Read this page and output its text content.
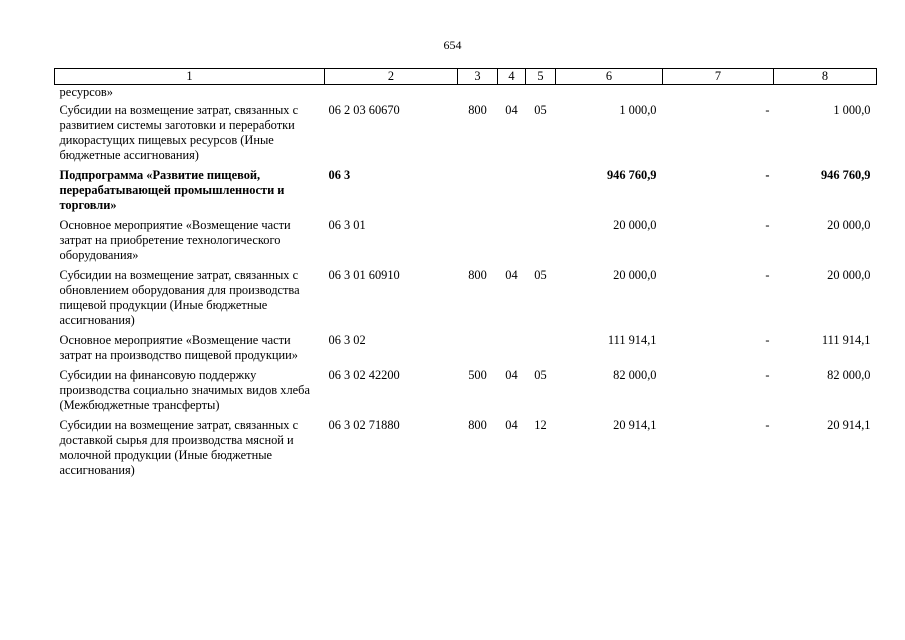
654
1	2	3	4	5	6	7	8
ресурсов»							
Субсидии на возмещение затрат, связанных с развитием системы заготовки и переработки дикорастущих пищевых ресурсов (Иные бюджетные ассигнования)	06 2 03 60670	800	04	05	1 000,0	-	1 000,0
Подпрограмма «Развитие пищевой, перерабатывающей промышленности и торговли»	06 3				946 760,9	-	946 760,9
Основное мероприятие «Возмещение части затрат на приобретение технологического оборудования»	06 3 01				20 000,0	-	20 000,0
Субсидии на возмещение затрат, связанных с обновлением оборудования для производства пищевой продукции (Иные бюджетные ассигнования)	06 3 01 60910	800	04	05	20 000,0	-	20 000,0
Основное мероприятие «Возмещение части затрат на производство пищевой продукции»	06 3 02				111 914,1	-	111 914,1
Субсидии на финансовую поддержку производства социально значимых видов хлеба (Межбюджетные трансферты)	06 3 02 42200	500	04	05	82 000,0	-	82 000,0
Субсидии на возмещение затрат, связанных с доставкой сырья для производства мясной и молочной продукции (Иные бюджетные ассигнования)	06 3 02 71880	800	04	12	20 914,1	-	20 914,1
